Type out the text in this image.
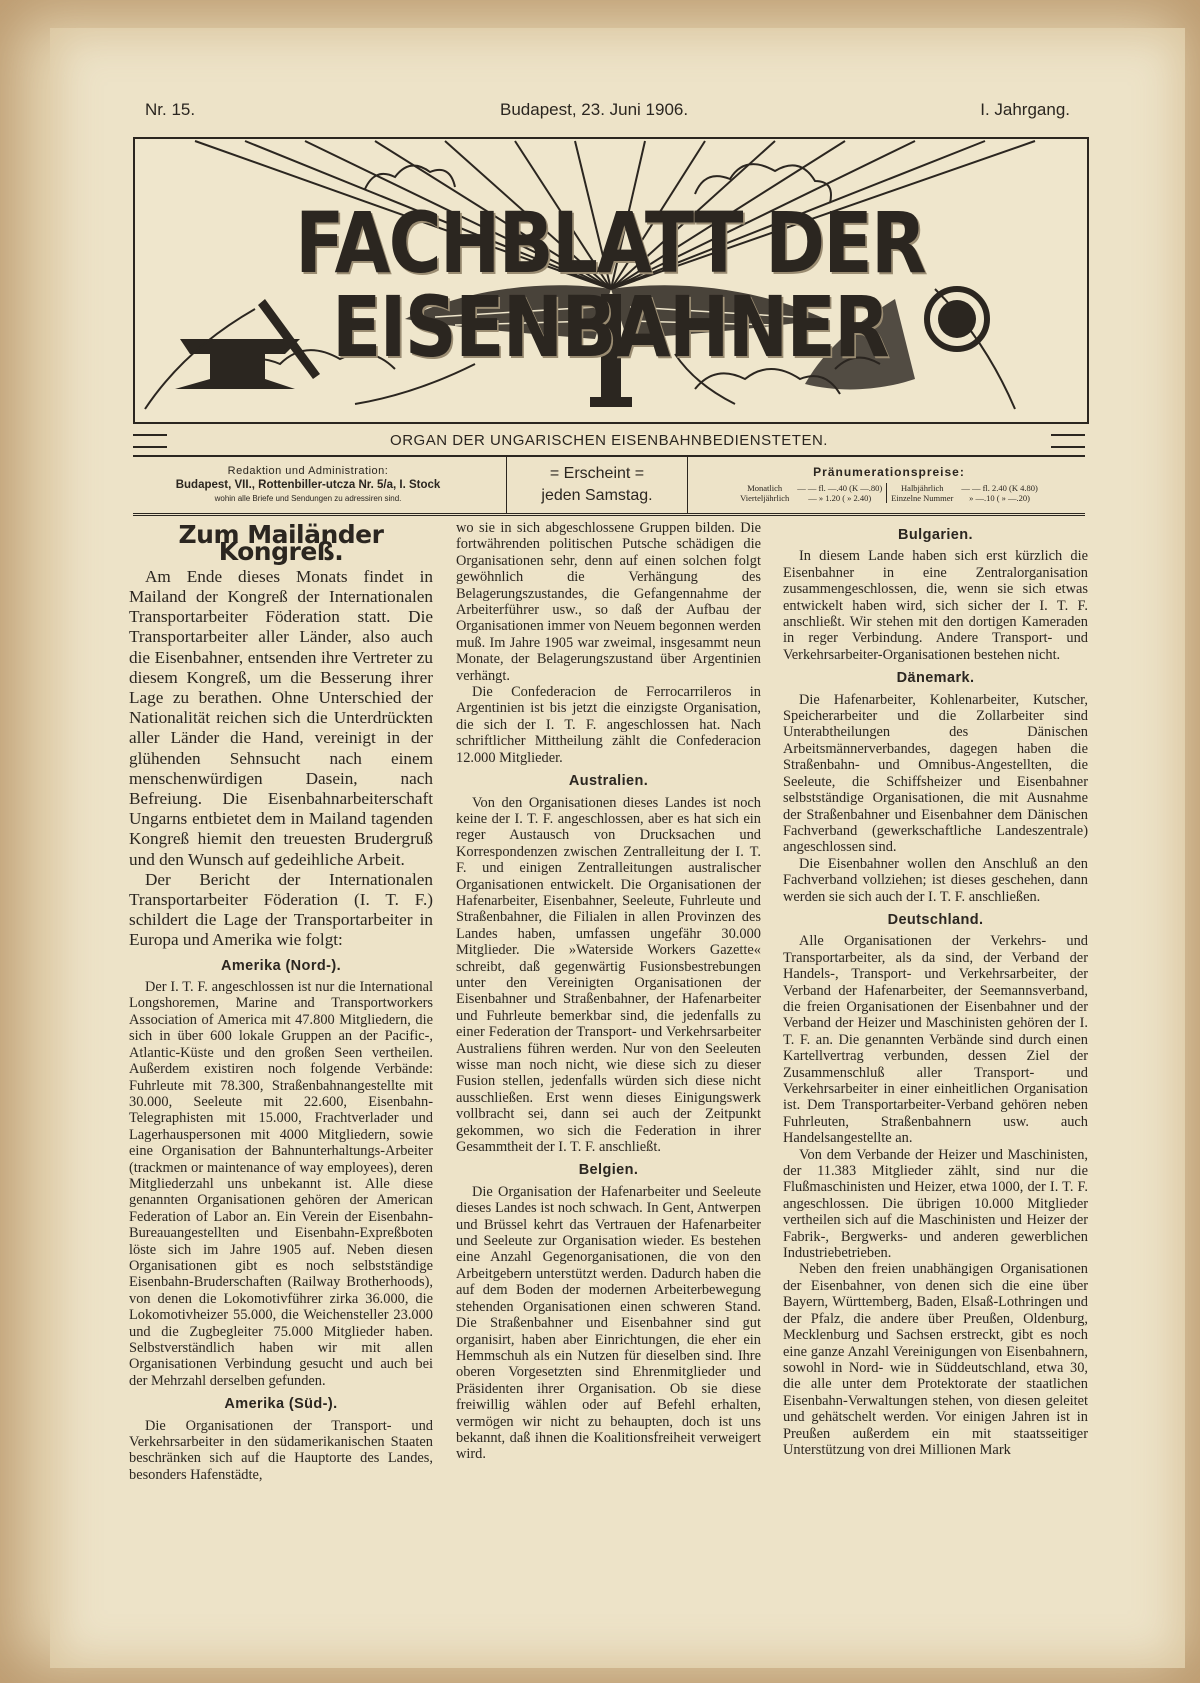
Nr. 15.	Budapest, 23. Juni 1906.	I. Jahrgang.
FACHBLATT DER EISENBAHNER
ORGAN DER UNGARISCHEN EISENBAHNBEDIENSTETEN.
Redaktion und Administration:
Budapest, VII., Rottenbiller-utcza Nr. 5/a, I. Stock
wohin alle Briefe und Sendungen zu adressiren sind.
= Erscheint =
jeden Samstag.
Pränumerationspreise:
Monatlich	— — fl. —.40 (K —.80)	Halbjährlich	— — fl. 2.40 (K 4.80)
Vierteljährlich	— » 1.20 ( » 2.40)	Einzelne Nummer	» —.10 ( » —.20)
Zum Mailänder Kongreß.

Am Ende dieses Monats findet in Mailand der Kongreß der Internationalen Transportarbeiter Föderation statt. Die Transportarbeiter aller Länder, also auch die Eisenbahner, entsenden ihre Vertreter zu diesem Kongreß, um die Besserung ihrer Lage zu berathen. Ohne Unterschied der Nationalität reichen sich die Unterdrückten aller Länder die Hand, vereinigt in der glühenden Sehnsucht nach einem menschenwürdigen Dasein, nach Befreiung. Die Eisenbahnarbeiterschaft Ungarns entbietet dem in Mailand tagenden Kongreß hiemit den treuesten Brudergruß und den Wunsch auf gedeihliche Arbeit.

Der Bericht der Internationalen Transportarbeiter Föderation (I. T. F.) schildert die Lage der Transportarbeiter in Europa und Amerika wie folgt:

Amerika (Nord-).

Der I. T. F. angeschlossen ist nur die International Longshoremen, Marine and Transportworkers Association of America mit 47.800 Mitgliedern, die sich in über 600 lokale Gruppen an der Pacific-, Atlantic-Küste und den großen Seen vertheilen. Außerdem existiren noch folgende Verbände: Fuhrleute mit 78.300, Straßenbahnangestellte mit 30.000, Seeleute mit 22.600, Eisenbahn-Telegraphisten mit 15.000, Frachtverlader und Lagerhauspersonen mit 4000 Mitgliedern, sowie eine Organisation der Bahnunterhaltungs-Arbeiter (trackmen or maintenance of way employees), deren Mitgliederzahl uns unbekannt ist. Alle diese genannten Organisationen gehören der American Federation of Labor an. Ein Verein der Eisenbahn-Bureauangestellten und Eisenbahn-Expreßboten löste sich im Jahre 1905 auf. Neben diesen Organisationen gibt es noch selbstständige Eisenbahn-Bruderschaften (Railway Brotherhoods), von denen die Lokomotivführer zirka 36.000, die Lokomotivheizer 55.000, die Weichensteller 23.000 und die Zugbegleiter 75.000 Mitglieder haben. Selbstverständlich haben wir mit allen Organisationen Verbindung gesucht und auch bei der Mehrzahl derselben gefunden.

Amerika (Süd-).

Die Organisationen der Transport- und Verkehrsarbeiter in den südamerikanischen Staaten beschränken sich auf die Hauptorte des Landes, besonders Hafenstädte,

wo sie in sich abgeschlossene Gruppen bilden. Die fortwährenden politischen Putsche schädigen die Organisationen sehr, denn auf einen solchen folgt gewöhnlich die Verhängung des Belagerungszustandes, die Gefangennahme der Arbeiterführer usw., so daß der Aufbau der Organisationen immer von Neuem begonnen werden muß. Im Jahre 1905 war zweimal, insgesammt neun Monate, der Belagerungszustand über Argentinien verhängt.

Die Confederacion de Ferrocarrileros in Argentinien ist bis jetzt die einzigste Organisation, die sich der I. T. F. angeschlossen hat. Nach schriftlicher Mittheilung zählt die Confederacion 12.000 Mitglieder.

Australien.

Von den Organisationen dieses Landes ist noch keine der I. T. F. angeschlossen, aber es hat sich ein reger Austausch von Drucksachen und Korrespondenzen zwischen Zentralleitung der I. T. F. und einigen Zentralleitungen australischer Organisationen entwickelt. Die Organisationen der Hafenarbeiter, Eisenbahner, Seeleute, Fuhrleute und Straßenbahner, die Filialen in allen Provinzen des Landes haben, umfassen ungefähr 30.000 Mitglieder. Die »Waterside Workers Gazette« schreibt, daß gegenwärtig Fusionsbestrebungen unter den Vereinigten Organisationen der Eisenbahner und Straßenbahner, der Hafenarbeiter und Fuhrleute bemerkbar sind, die jedenfalls zu einer Federation der Transport- und Verkehrsarbeiter Australiens führen werden. Nur von den Seeleuten wisse man noch nicht, wie diese sich zu dieser Fusion stellen, jedenfalls würden sich diese nicht ausschließen. Erst wenn dieses Einigungswerk vollbracht sei, dann sei auch der Zeitpunkt gekommen, wo sich die Federation in ihrer Gesammtheit der I. T. F. anschließt.

Belgien.

Die Organisation der Hafenarbeiter und Seeleute dieses Landes ist noch schwach. In Gent, Antwerpen und Brüssel kehrt das Vertrauen der Hafenarbeiter und Seeleute zur Organisation wieder. Es bestehen eine Anzahl Gegenorganisationen, die von den Arbeitgebern unterstützt werden. Dadurch haben die auf dem Boden der modernen Arbeiterbewegung stehenden Organisationen einen schweren Stand. Die Straßenbahner und Eisenbahner sind gut organisirt, haben aber Einrichtungen, die eher ein Hemmschuh als ein Nutzen für dieselben sind. Ihre oberen Vorgesetzten sind Ehrenmitglieder und Präsidenten ihrer Organisation. Ob sie diese freiwillig wählen oder auf Befehl erhalten, vermögen wir nicht zu behaupten, doch ist uns bekannt, daß ihnen die Koalitionsfreiheit verweigert wird.

Bulgarien.

In diesem Lande haben sich erst kürzlich die Eisenbahner in eine Zentralorganisation zusammengeschlossen, die, wenn sie sich etwas entwickelt haben wird, sich sicher der I. T. F. anschließt. Wir stehen mit den dortigen Kameraden in reger Verbindung. Andere Transport- und Verkehrsarbeiter-Organisationen bestehen nicht.

Dänemark.

Die Hafenarbeiter, Kohlenarbeiter, Kutscher, Speicherarbeiter und die Zollarbeiter sind Unterabtheilungen des Dänischen Arbeitsmännerverbandes, dagegen haben die Straßenbahn- und Omnibus-Angestellten, die Seeleute, die Schiffsheizer und Eisenbahner selbstständige Organisationen, die mit Ausnahme der Straßenbahner und Eisenbahner dem Dänischen Fachverband (gewerkschaftliche Landeszentrale) angeschlossen sind.

Die Eisenbahner wollen den Anschluß an den Fachverband vollziehen; ist dieses geschehen, dann werden sie sich auch der I. T. F. anschließen.

Deutschland.

Alle Organisationen der Verkehrs- und Transportarbeiter, als da sind, der Verband der Handels-, Transport- und Verkehrsarbeiter, der Verband der Hafenarbeiter, der Seemannsverband, die freien Organisationen der Eisenbahner und der Verband der Heizer und Maschinisten gehören der I. T. F. an. Die genannten Verbände sind durch einen Kartellvertrag verbunden, dessen Ziel der Zusammenschluß aller Transport- und Verkehrsarbeiter in einer einheitlichen Organisation ist. Dem Transportarbeiter-Verband gehören neben Fuhrleuten, Straßenbahnern usw. auch Handelsangestellte an.

Von dem Verbande der Heizer und Maschinisten, der 11.383 Mitglieder zählt, sind nur die Flußmaschinisten und Heizer, etwa 1000, der I. T. F. angeschlossen. Die übrigen 10.000 Mitglieder vertheilen sich auf die Maschinisten und Heizer der Fabrik-, Bergwerks- und anderen gewerblichen Industriebetrieben.

Neben den freien unabhängigen Organisationen der Eisenbahner, von denen sich die eine über Bayern, Württemberg, Baden, Elsaß-Lothringen und der Pfalz, die andere über Preußen, Oldenburg, Mecklenburg und Sachsen erstreckt, gibt es noch eine ganze Anzahl Vereinigungen von Eisenbahnern, sowohl in Nord- wie in Süddeutschland, etwa 30, die alle unter dem Protektorate der staatlichen Eisenbahn-Verwaltungen stehen, von diesen geleitet und gehätschelt werden. Vor einigen Jahren ist in Preußen außerdem ein mit staatsseitiger Unterstützung von drei Millionen Mark
